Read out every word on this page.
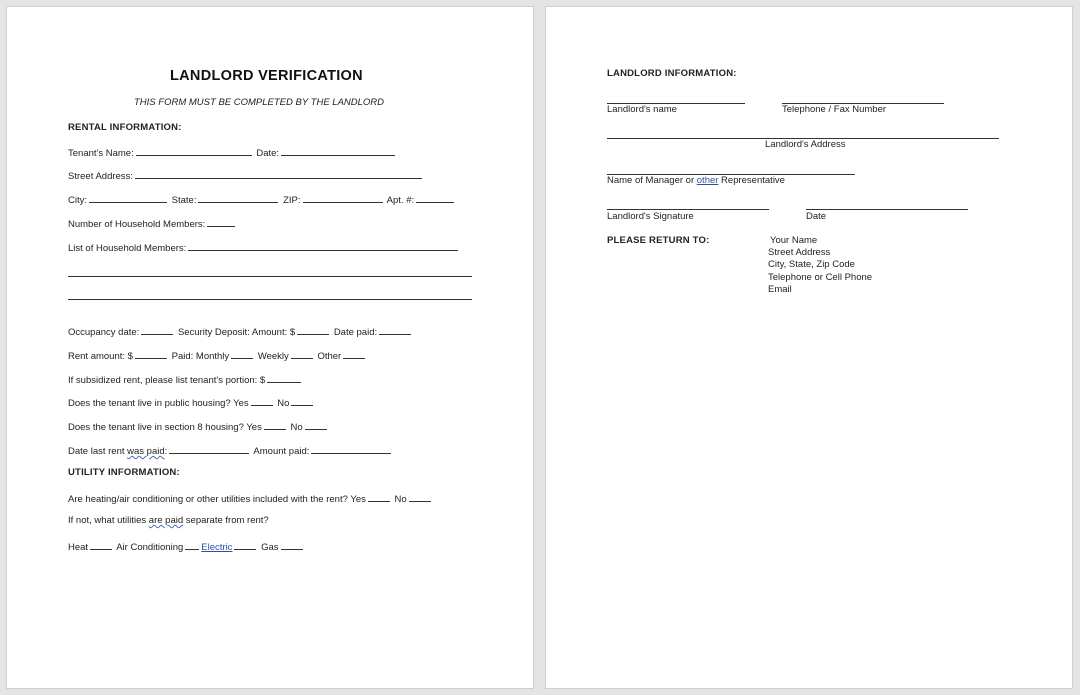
LANDLORD VERIFICATION
THIS FORM MUST BE COMPLETED BY THE LANDLORD
RENTAL INFORMATION:
Tenant's Name:	Date:
Street Address:
City:	State:	ZIP:	Apt. #:
Number of Household Members:
List of Household Members:
Occupancy date:	Security Deposit: Amount: $	Date paid:
Rent amount: $	Paid: Monthly	Weekly	Other
If subsidized rent, please list tenant's portion: $
Does the tenant live in public housing? Yes	No
Does the tenant live in section 8 housing? Yes	No
Date last rent was paid:	Amount paid:
UTILITY INFORMATION:
Are heating/air conditioning or other utilities included with the rent? Yes	No
If not, what utilities are paid separate from rent?
Heat	Air Conditioning Electric	Gas
LANDLORD INFORMATION:
Landlord's name	Telephone / Fax Number
Landlord's Address
Name of Manager or other Representative
Landlord's Signature	Date
PLEASE RETURN TO:	Your Name
Street Address
City, State, Zip Code
Telephone or Cell Phone
Email
